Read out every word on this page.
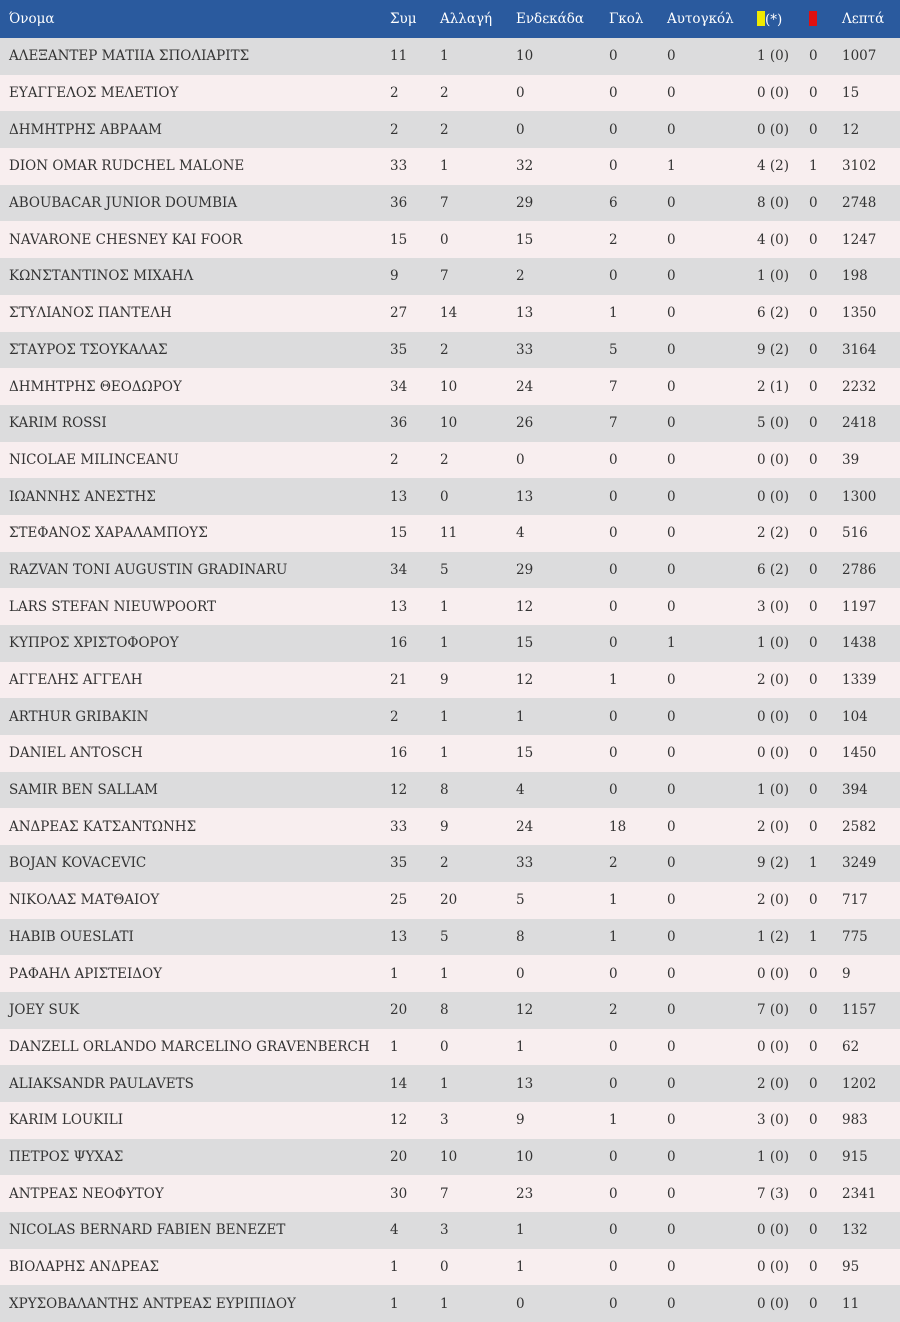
Όνομα	Συμ	Αλλαγή	Ενδεκάδα	Γκολ	Αυτογκόλ	(*)		Λεπτά
ΑΛΕΞΑΝΤΕΡ ΜΑΤΙΙΑ ΣΠΟΛΙΑΡΙΤΣ	11	1	10	0	0	1 (0)	0	1007
ΕΥΑΓΓΕΛΟΣ ΜΕΛΕΤΙΟΥ	2	2	0	0	0	0 (0)	0	15
ΔΗΜΗΤΡΗΣ ΑΒΡΑΑΜ	2	2	0	0	0	0 (0)	0	12
DION OMAR RUDCHEL MALONE	33	1	32	0	1	4 (2)	1	3102
ABOUBACAR JUNIOR DOUMBIA	36	7	29	6	0	8 (0)	0	2748
NAVARONE CHESNEY KAI FOOR	15	0	15	2	0	4 (0)	0	1247
ΚΩΝΣΤΑΝΤΙΝΟΣ ΜΙΧΑΗΛ	9	7	2	0	0	1 (0)	0	198
ΣΤΥΛΙΑΝΟΣ ΠΑΝΤΕΛΗ	27	14	13	1	0	6 (2)	0	1350
ΣΤΑΥΡΟΣ ΤΣΟΥΚΑΛΑΣ	35	2	33	5	0	9 (2)	0	3164
ΔΗΜΗΤΡΗΣ ΘΕΟΔΩΡΟΥ	34	10	24	7	0	2 (1)	0	2232
KARIM ROSSI	36	10	26	7	0	5 (0)	0	2418
NICOLAE MILINCEANU	2	2	0	0	0	0 (0)	0	39
ΙΩΑΝΝΗΣ ΑΝΕΣΤΗΣ	13	0	13	0	0	0 (0)	0	1300
ΣΤΕΦΑΝΟΣ ΧΑΡΑΛΑΜΠΟΥΣ	15	11	4	0	0	2 (2)	0	516
RAZVAN TONI AUGUSTIN GRADINARU	34	5	29	0	0	6 (2)	0	2786
LARS STEFAN NIEUWPOORT	13	1	12	0	0	3 (0)	0	1197
ΚΥΠΡΟΣ ΧΡΙΣΤΟΦΟΡΟΥ	16	1	15	0	1	1 (0)	0	1438
ΑΓΓΕΛΗΣ ΑΓΓΕΛΗ	21	9	12	1	0	2 (0)	0	1339
ARTHUR GRIBAKIN	2	1	1	0	0	0 (0)	0	104
DANIEL ANTOSCH	16	1	15	0	0	0 (0)	0	1450
SAMIR BEN SALLAM	12	8	4	0	0	1 (0)	0	394
ΑΝΔΡΕΑΣ ΚΑΤΣΑΝΤΩΝΗΣ	33	9	24	18	0	2 (0)	0	2582
BOJAN KOVACEVIC	35	2	33	2	0	9 (2)	1	3249
ΝΙΚΟΛΑΣ ΜΑΤΘΑΙΟΥ	25	20	5	1	0	2 (0)	0	717
HABIB OUESLATI	13	5	8	1	0	1 (2)	1	775
ΡΑΦΑΗΛ ΑΡΙΣΤΕΙΔΟΥ	1	1	0	0	0	0 (0)	0	9
JOEY SUK	20	8	12	2	0	7 (0)	0	1157
DANZELL ORLANDO MARCELINO GRAVENBERCH	1	0	1	0	0	0 (0)	0	62
ALIAKSANDR PAULAVETS	14	1	13	0	0	2 (0)	0	1202
KARIM LOUKILI	12	3	9	1	0	3 (0)	0	983
ΠΕΤΡΟΣ ΨΥΧΑΣ	20	10	10	0	0	1 (0)	0	915
ΑΝΤΡΕΑΣ ΝΕΟΦΥΤΟΥ	30	7	23	0	0	7 (3)	0	2341
NICOLAS BERNARD FABIEN BENEZET	4	3	1	0	0	0 (0)	0	132
ΒΙΟΛΑΡΗΣ ΑΝΔΡΕΑΣ	1	0	1	0	0	0 (0)	0	95
ΧΡΥΣΟΒΑΛΑΝΤΗΣ ΑΝΤΡΕΑΣ ΕΥΡΙΠΙΔΟΥ	1	1	0	0	0	0 (0)	0	11
